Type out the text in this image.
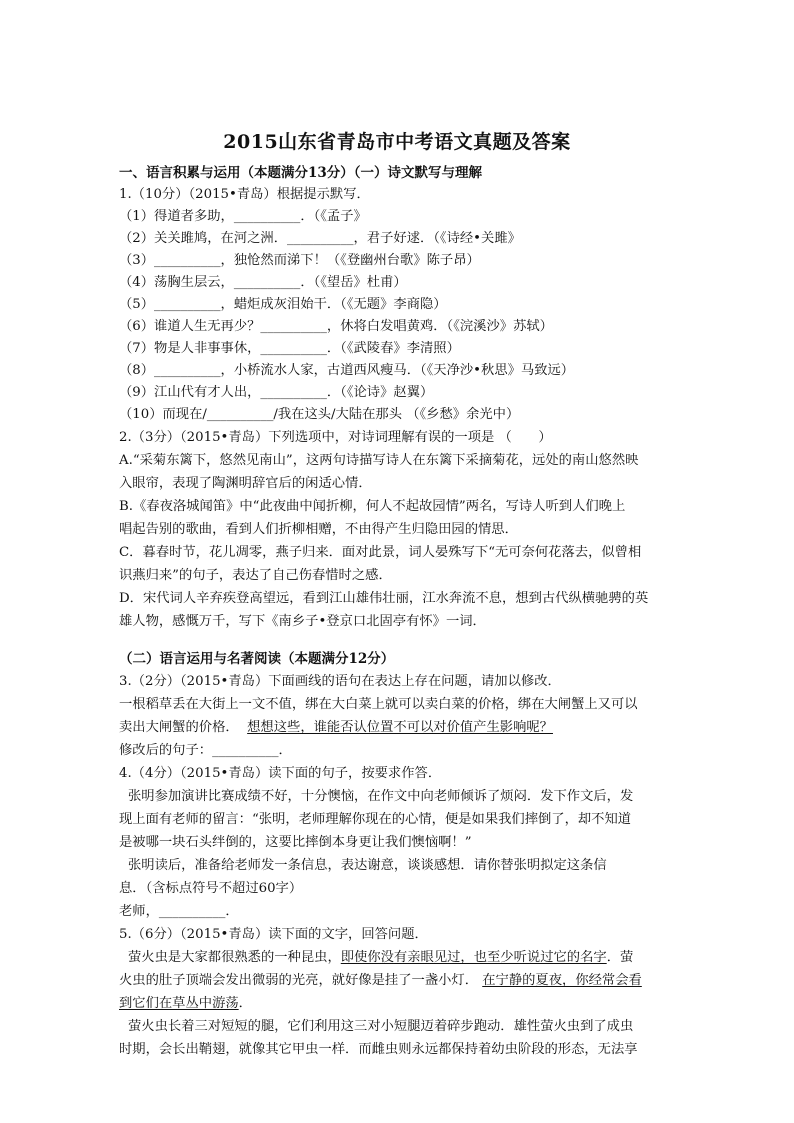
2015山东省青岛市中考语文真题及答案
一、语言积累与运用（本题满分13分）（一）诗文默写与理解
1.（10分）（2015•青岛）根据提示默写．
（1）得道者多助，__________．（《孟子》
（2）关关雎鸠，在河之洲．__________，君子好逑．（《诗经•关雎》
（3）__________，独怆然而涕下！（《登幽州台歌》陈子昂）
（4）荡胸生层云，__________．（《望岳》杜甫）
（5）__________，蜡炬成灰泪始干．（《无题》李商隐）
（6）谁道人生无再少？__________，休将白发唱黄鸡．（《浣溪沙》苏轼）
（7）物是人非事事休，__________．（《武陵春》李清照）
（8）__________，小桥流水人家，古道西风瘦马．（《天净沙•秋思》马致远）
（9）江山代有才人出，__________．（《论诗》赵翼）
（10）而现在/__________/我在这头/大陆在那头 （《乡愁》余光中）
2.（3分）（2015•青岛）下列选项中，对诗词理解有误的一项是 （　　）
A.“采菊东篱下，悠然见南山”，这两句诗描写诗人在东篱下采摘菊花，远处的南山悠然映
入眼帘，表现了陶渊明辞官后的闲适心情．
B.《春夜洛城闻笛》中“此夜曲中闻折柳，何人不起故园情”两名，写诗人听到人们晚上
唱起告别的歌曲，看到人们折柳相赠，不由得产生归隐田园的情思．
C．暮春时节，花儿凋零，燕子归来．面对此景，词人晏殊写下“无可奈何花落去，似曾相
识燕归来”的句子，表达了自己伤春惜时之感．
D．宋代词人辛弃疾登高望远，看到江山雄伟壮丽，江水奔流不息，想到古代纵横驰骋的英
雄人物，感慨万千，写下《南乡子•登京口北固亭有怀》一词．
（二）语言运用与名著阅读（本题满分12分）
3.（2分）（2015•青岛）下面画线的语句在表达上存在问题，请加以修改．
一根稻草丢在大街上一文不值，绑在大白菜上就可以卖白菜的价格，绑在大闸蟹上又可以
卖出大闸蟹的价格． 想想这些，谁能否认位置不可以对价值产生影响呢？
修改后的句子：__________．
4.（4分）（2015•青岛）读下面的句子，按要求作答．
张明参加演讲比赛成绩不好，十分懊恼，在作文中向老师倾诉了烦闷．发下作文后，发
现上面有老师的留言：“张明，老师理解你现在的心情，便是如果我们摔倒了，却不知道
是被哪一块石头绊倒的，这要比摔倒本身更让我们懊恼啊！”
张明读后，准备给老师发一条信息，表达谢意，谈谈感想．请你替张明拟定这条信
息．（含标点符号不超过60字）
老师，__________．
5.（6分）（2015•青岛）读下面的文字，回答问题．
萤火虫是大家都很熟悉的一种昆虫，即使你没有亲眼见过，也至少听说过它的名字．萤
火虫的肚子顶端会发出微弱的光亮，就好像是挂了一盏小灯． 在宁静的夏夜，你经常会看
到它们在草丛中游荡．
萤火虫长着三对短短的腿，它们利用这三对小短腿迈着碎步跑动．雄性萤火虫到了成虫
时期，会长出鞘翅，就像其它甲虫一样．而雌虫则永远都保持着幼虫阶段的形态，无法享
